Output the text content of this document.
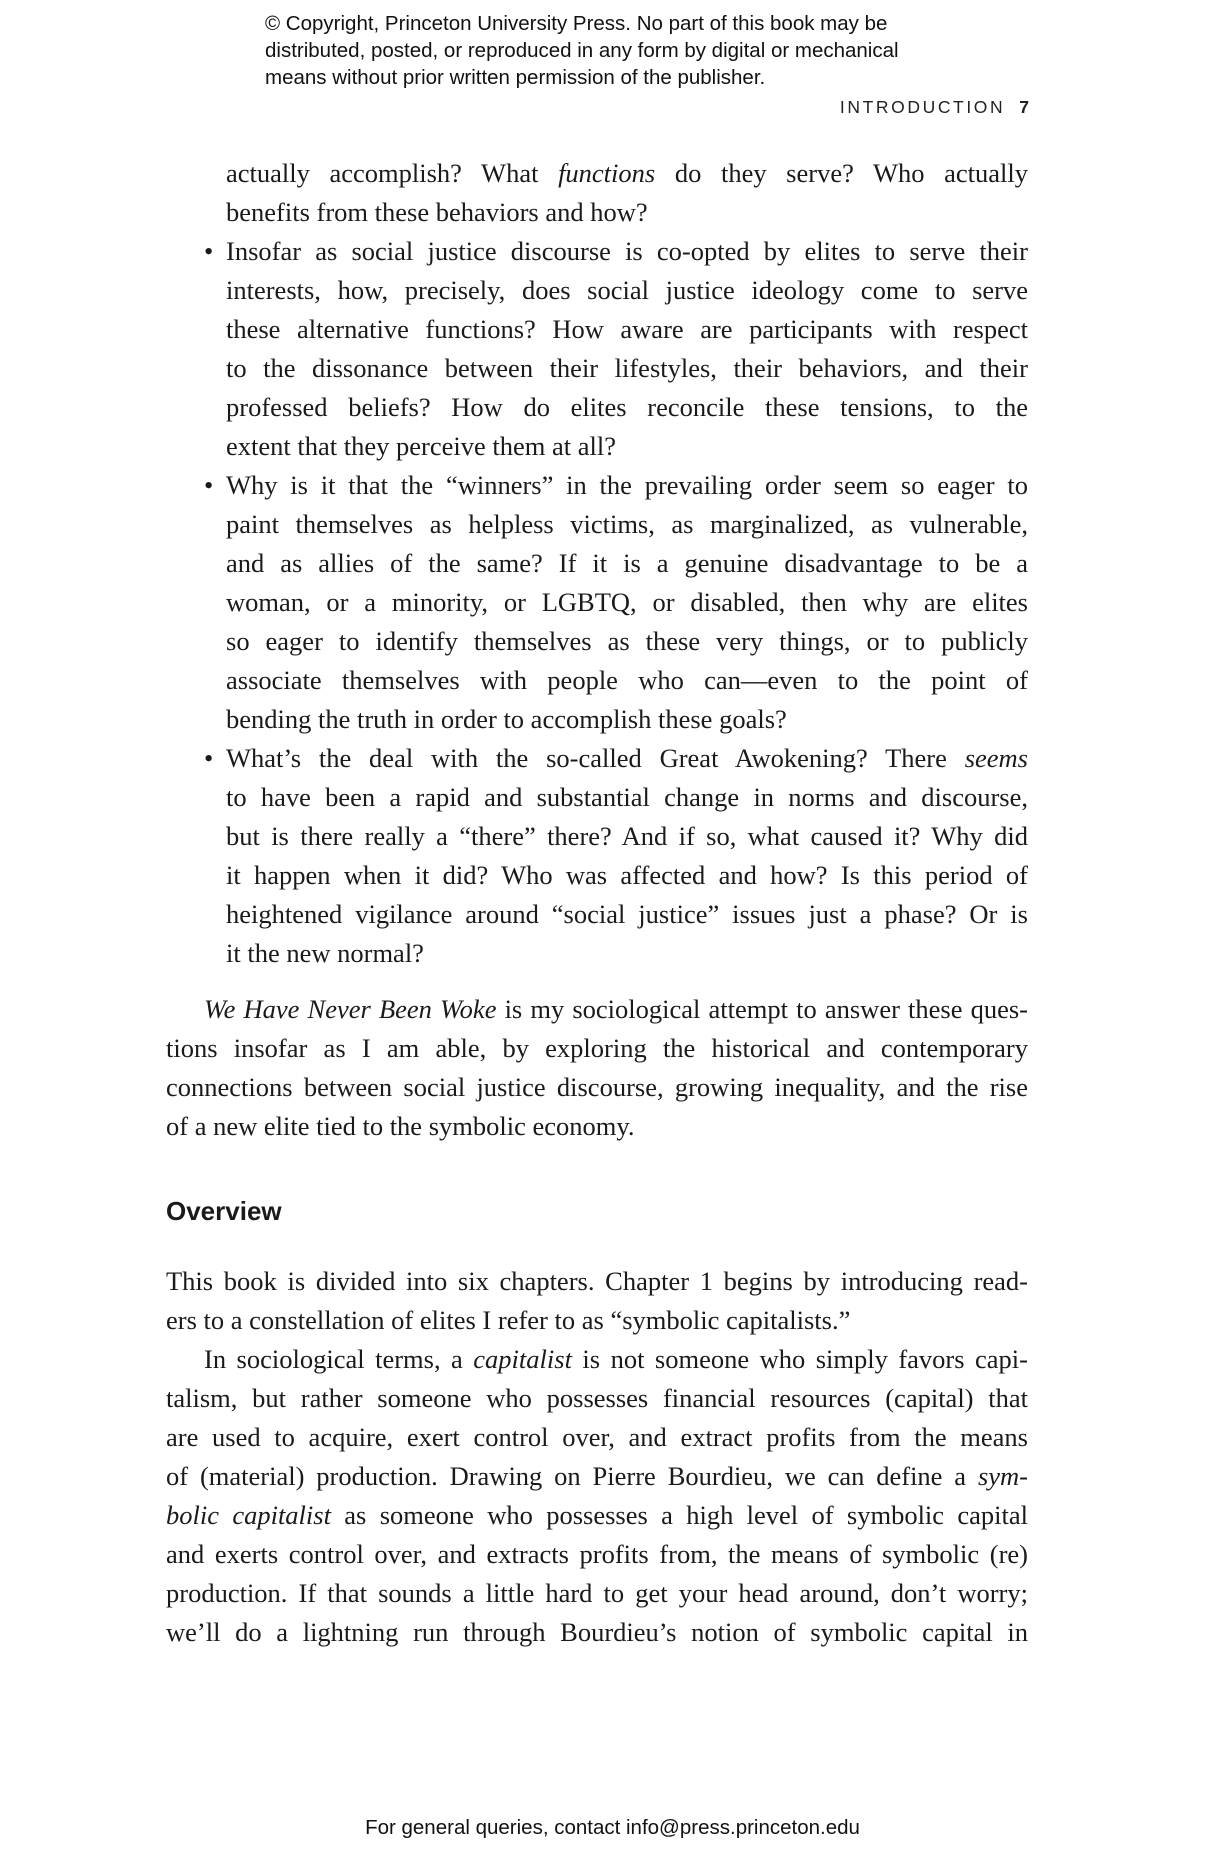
© Copyright, Princeton University Press. No part of this book may be
distributed, posted, or reproduced in any form by digital or mechanical
means without prior written permission of the publisher.
INTRODUCTION 7
actually accomplish? What functions do they serve? Who actually
benefits from these behaviors and how?
• Insofar as social justice discourse is co-opted by elites to serve their
interests, how, precisely, does social justice ideology come to serve
these alternative functions? How aware are participants with respect
to the dissonance between their lifestyles, their behaviors, and their
professed beliefs? How do elites reconcile these tensions, to the
extent that they perceive them at all?
• Why is it that the “winners” in the prevailing order seem so eager to
paint themselves as helpless victims, as marginalized, as vulnerable,
and as allies of the same? If it is a genuine disadvantage to be a
woman, or a minority, or LGBTQ, or disabled, then why are elites
so eager to identify themselves as these very things, or to publicly
associate themselves with people who can—even to the point of
bending the truth in order to accomplish these goals?
• What’s the deal with the so-called Great Awokening? There seems
to have been a rapid and substantial change in norms and discourse,
but is there really a “there” there? And if so, what caused it? Why did
it happen when it did? Who was affected and how? Is this period of
heightened vigilance around “social justice” issues just a phase? Or is
it the new normal?
We Have Never Been Woke is my sociological attempt to answer these ques-
tions insofar as I am able, by exploring the historical and contemporary
connections between social justice discourse, growing inequality, and the rise
of a new elite tied to the symbolic economy.
Overview
This book is divided into six chapters. Chapter 1 begins by introducing read-
ers to a constellation of elites I refer to as “symbolic capitalists.”
In sociological terms, a capitalist is not someone who simply favors capi-
talism, but rather someone who possesses financial resources (capital) that
are used to acquire, exert control over, and extract profits from the means
of (material) production. Drawing on Pierre Bourdieu, we can define a sym-
bolic capitalist as someone who possesses a high level of symbolic capital
and exerts control over, and extracts profits from, the means of symbolic (re)
production. If that sounds a little hard to get your head around, don’t worry;
we’ll do a lightning run through Bourdieu’s notion of symbolic capital in
For general queries, contact info@press.princeton.edu
